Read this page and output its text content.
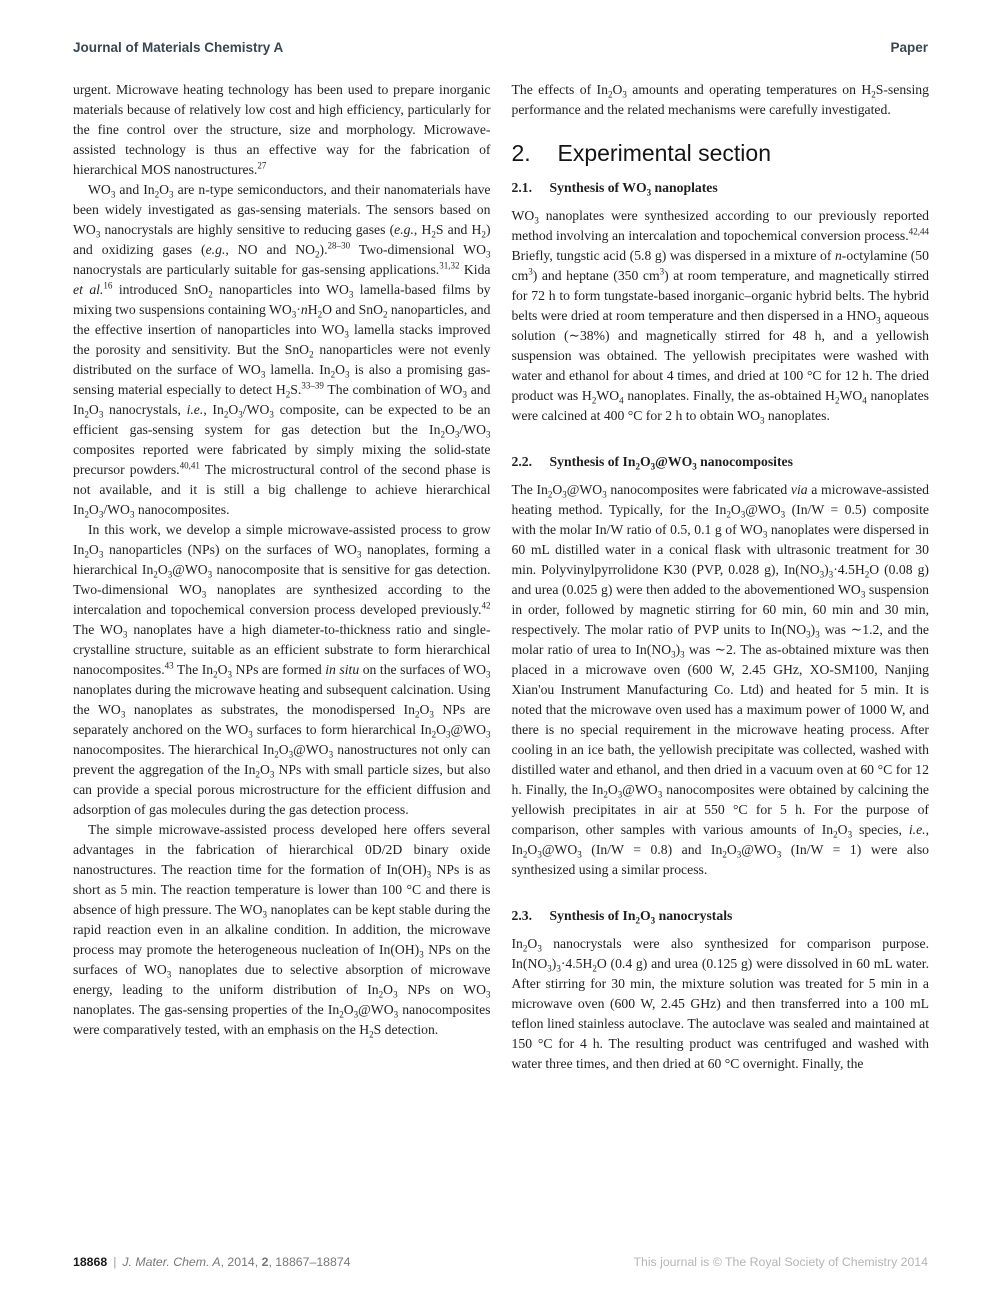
Journal of Materials Chemistry A	Paper

urgent. Microwave heating technology has been used to prepare inorganic materials because of relatively low cost and high efficiency, particularly for the fine control over the structure, size and morphology. Microwave-assisted technology is thus an effective way for the fabrication of hierarchical MOS nanostructures.$^{27}$

$WO_3$ and $In_2O_3$ are n-type semiconductors, and their nanomaterials have been widely investigated as gas-sensing materials. The sensors based on $WO_3$ nanocrystals are highly sensitive to reducing gases (e.g., $H_2S$ and $H_2$) and oxidizing gases (e.g., NO and $NO_2).^{28-30}$ Two-dimensional $WO_3$ nanocrystals are particularly suitable for gas-sensing applications.$^{31,32}$ Kida et al.$^{16}$ introduced SnO$_2$ nanoparticles into $WO_3$ lamella-based films by mixing two suspensions containing $WO_3\cdot nH_2O$ and SnO$_2$ nanoparticles, and the effective insertion of nanoparticles into $WO_3$ lamella stacks improved the porosity and sensitivity. But the SnO$_2$ nanoparticles were not evenly distributed on the surface of $WO_3$ lamella. $In_2O_3$ is also a promising gas-sensing material especially to detect $H_2S.^{33-39}$ The combination of $WO_3$ and $In_2O_3$ nanocrystals, i.e., $In_2O_3/WO_3$ composite, can be expected to be an efficient gas-sensing system for gas detection but the $In_2O_3/WO_3$ composites reported were fabricated by simply mixing the solid-state precursor powders.$^{40,41}$ The microstructural control of the second phase is not available, and it is still a big challenge to achieve hierarchical $In_2O_3/WO_3$ nanocomposites.

In this work, we develop a simple microwave-assisted process to grow $In_2O_3$ nanoparticles (NPs) on the surfaces of $WO_3$ nanoplates, forming a hierarchical $In_2O_3@WO_3$ nanocomposite that is sensitive for gas detection. Two-dimensional $WO_3$ nanoplates are synthesized according to the intercalation and topochemical conversion process developed previously.$^{42}$ The $WO_3$ nanoplates have a high diameter-to-thickness ratio and single-crystalline structure, suitable as an efficient substrate to form hierarchical nanocomposites.$^{43}$ The $In_2O_3$ NPs are formed in situ on the surfaces of $WO_3$ nanoplates during the microwave heating and subsequent calcination. Using the $WO_3$ nanoplates as substrates, the monodispersed $In_2O_3$ NPs are separately anchored on the $WO_3$ surfaces to form hierarchical $In_2O_3@WO_3$ nanocomposites. The hierarchical $In_2O_3@WO_3$ nanostructures not only can prevent the aggregation of the $In_2O_3$ NPs with small particle sizes, but also can provide a special porous microstructure for the efficient diffusion and adsorption of gas molecules during the gas detection process.

The simple microwave-assisted process developed here offers several advantages in the fabrication of hierarchical 0D/2D binary oxide nanostructures. The reaction time for the formation of $In(OH)_3$ NPs is as short as 5 min. The reaction temperature is lower than 100 °C and there is absence of high pressure. The $WO_3$ nanoplates can be kept stable during the rapid reaction even in an alkaline condition. In addition, the microwave process may promote the heterogeneous nucleation of $In(OH)_3$ NPs on the surfaces of $WO_3$ nanoplates due to selective absorption of microwave energy, leading to the uniform distribution of $In_2O_3$ NPs on $WO_3$ nanoplates. The gas-sensing properties of the $In_2O_3@WO_3$ nanocomposites were comparatively tested, with an emphasis on the $H_2S$ detection.

The effects of $In_2O_3$ amounts and operating temperatures on $H_2S$-sensing performance and the related mechanisms were carefully investigated.

2.	Experimental section
2.1.	Synthesis of $WO_3$ nanoplates

$WO_3$ nanoplates were synthesized according to our previously reported method involving an intercalation and topochemical conversion process.$^{42,44}$ Briefly, tungstic acid (5.8 g) was dispersed in a mixture of n-octylamine (50 $cm^3$) and heptane (350 $cm^3$) at room temperature, and magnetically stirred for 72 h to form tungstate-based inorganic–organic hybrid belts. The hybrid belts were dried at room temperature and then dispersed in a $HNO_3$ aqueous solution (∼38%) and magnetically stirred for 48 h, and a yellowish suspension was obtained. The yellowish precipitates were washed with water and ethanol for about 4 times, and dried at 100 °C for 12 h. The dried product was $H_2WO_4$ nanoplates. Finally, the as-obtained $H_2WO_4$ nanoplates were calcined at 400 °C for 2 h to obtain $WO_3$ nanoplates.

2.2.	Synthesis of $In_2O_3@WO_3$ nanocomposites

The $In_2O_3@WO_3$ nanocomposites were fabricated via a microwave-assisted heating method. Typically, for the $In_2O_3@WO_3$ (In/W = 0.5) composite with the molar In/W ratio of 0.5, 0.1 g of $WO_3$ nanoplates were dispersed in 60 mL distilled water in a conical flask with ultrasonic treatment for 30 min. Polyvinylpyrrolidone K30 (PVP, 0.028 g), $In(NO_3)_3\cdot 4.5H_2O$ (0.08 g) and urea (0.025 g) were then added to the abovementioned $WO_3$ suspension in order, followed by magnetic stirring for 60 min, 60 min and 30 min, respectively. The molar ratio of PVP units to $In(NO_3)_3$ was ∼1.2, and the molar ratio of urea to $In(NO_3)_3$ was ∼2. The as-obtained mixture was then placed in a microwave oven (600 W, 2.45 GHz, XO-SM100, Nanjing Xian'ou Instrument Manufacturing Co. Ltd) and heated for 5 min. It is noted that the microwave oven used has a maximum power of 1000 W, and there is no special requirement in the microwave heating process. After cooling in an ice bath, the yellowish precipitate was collected, washed with distilled water and ethanol, and then dried in a vacuum oven at 60 °C for 12 h. Finally, the $In_2O_3@WO_3$ nanocomposites were obtained by calcining the yellowish precipitates in air at 550 °C for 5 h. For the purpose of comparison, other samples with various amounts of $In_2O_3$ species, i.e., $In_2O_3@WO_3$ (In/W = 0.8) and $In_2O_3@WO_3$ (In/W = 1) were also synthesized using a similar process.

2.3.	Synthesis of $In_2O_3$ nanocrystals

$In_2O_3$ nanocrystals were also synthesized for comparison purpose. $In(NO_3)_3\cdot 4.5H_2O$ (0.4 g) and urea (0.125 g) were dissolved in 60 mL water. After stirring for 30 min, the mixture solution was treated for 5 min in a microwave oven (600 W, 2.45 GHz) and then transferred into a 100 mL teflon lined stainless autoclave. The autoclave was sealed and maintained at 150 °C for 4 h. The resulting product was centrifuged and washed with water three times, and then dried at 60 °C overnight. Finally, the

18868 | J. Mater. Chem. A, 2014, 2, 18867–18874	This journal is © The Royal Society of Chemistry 2014
